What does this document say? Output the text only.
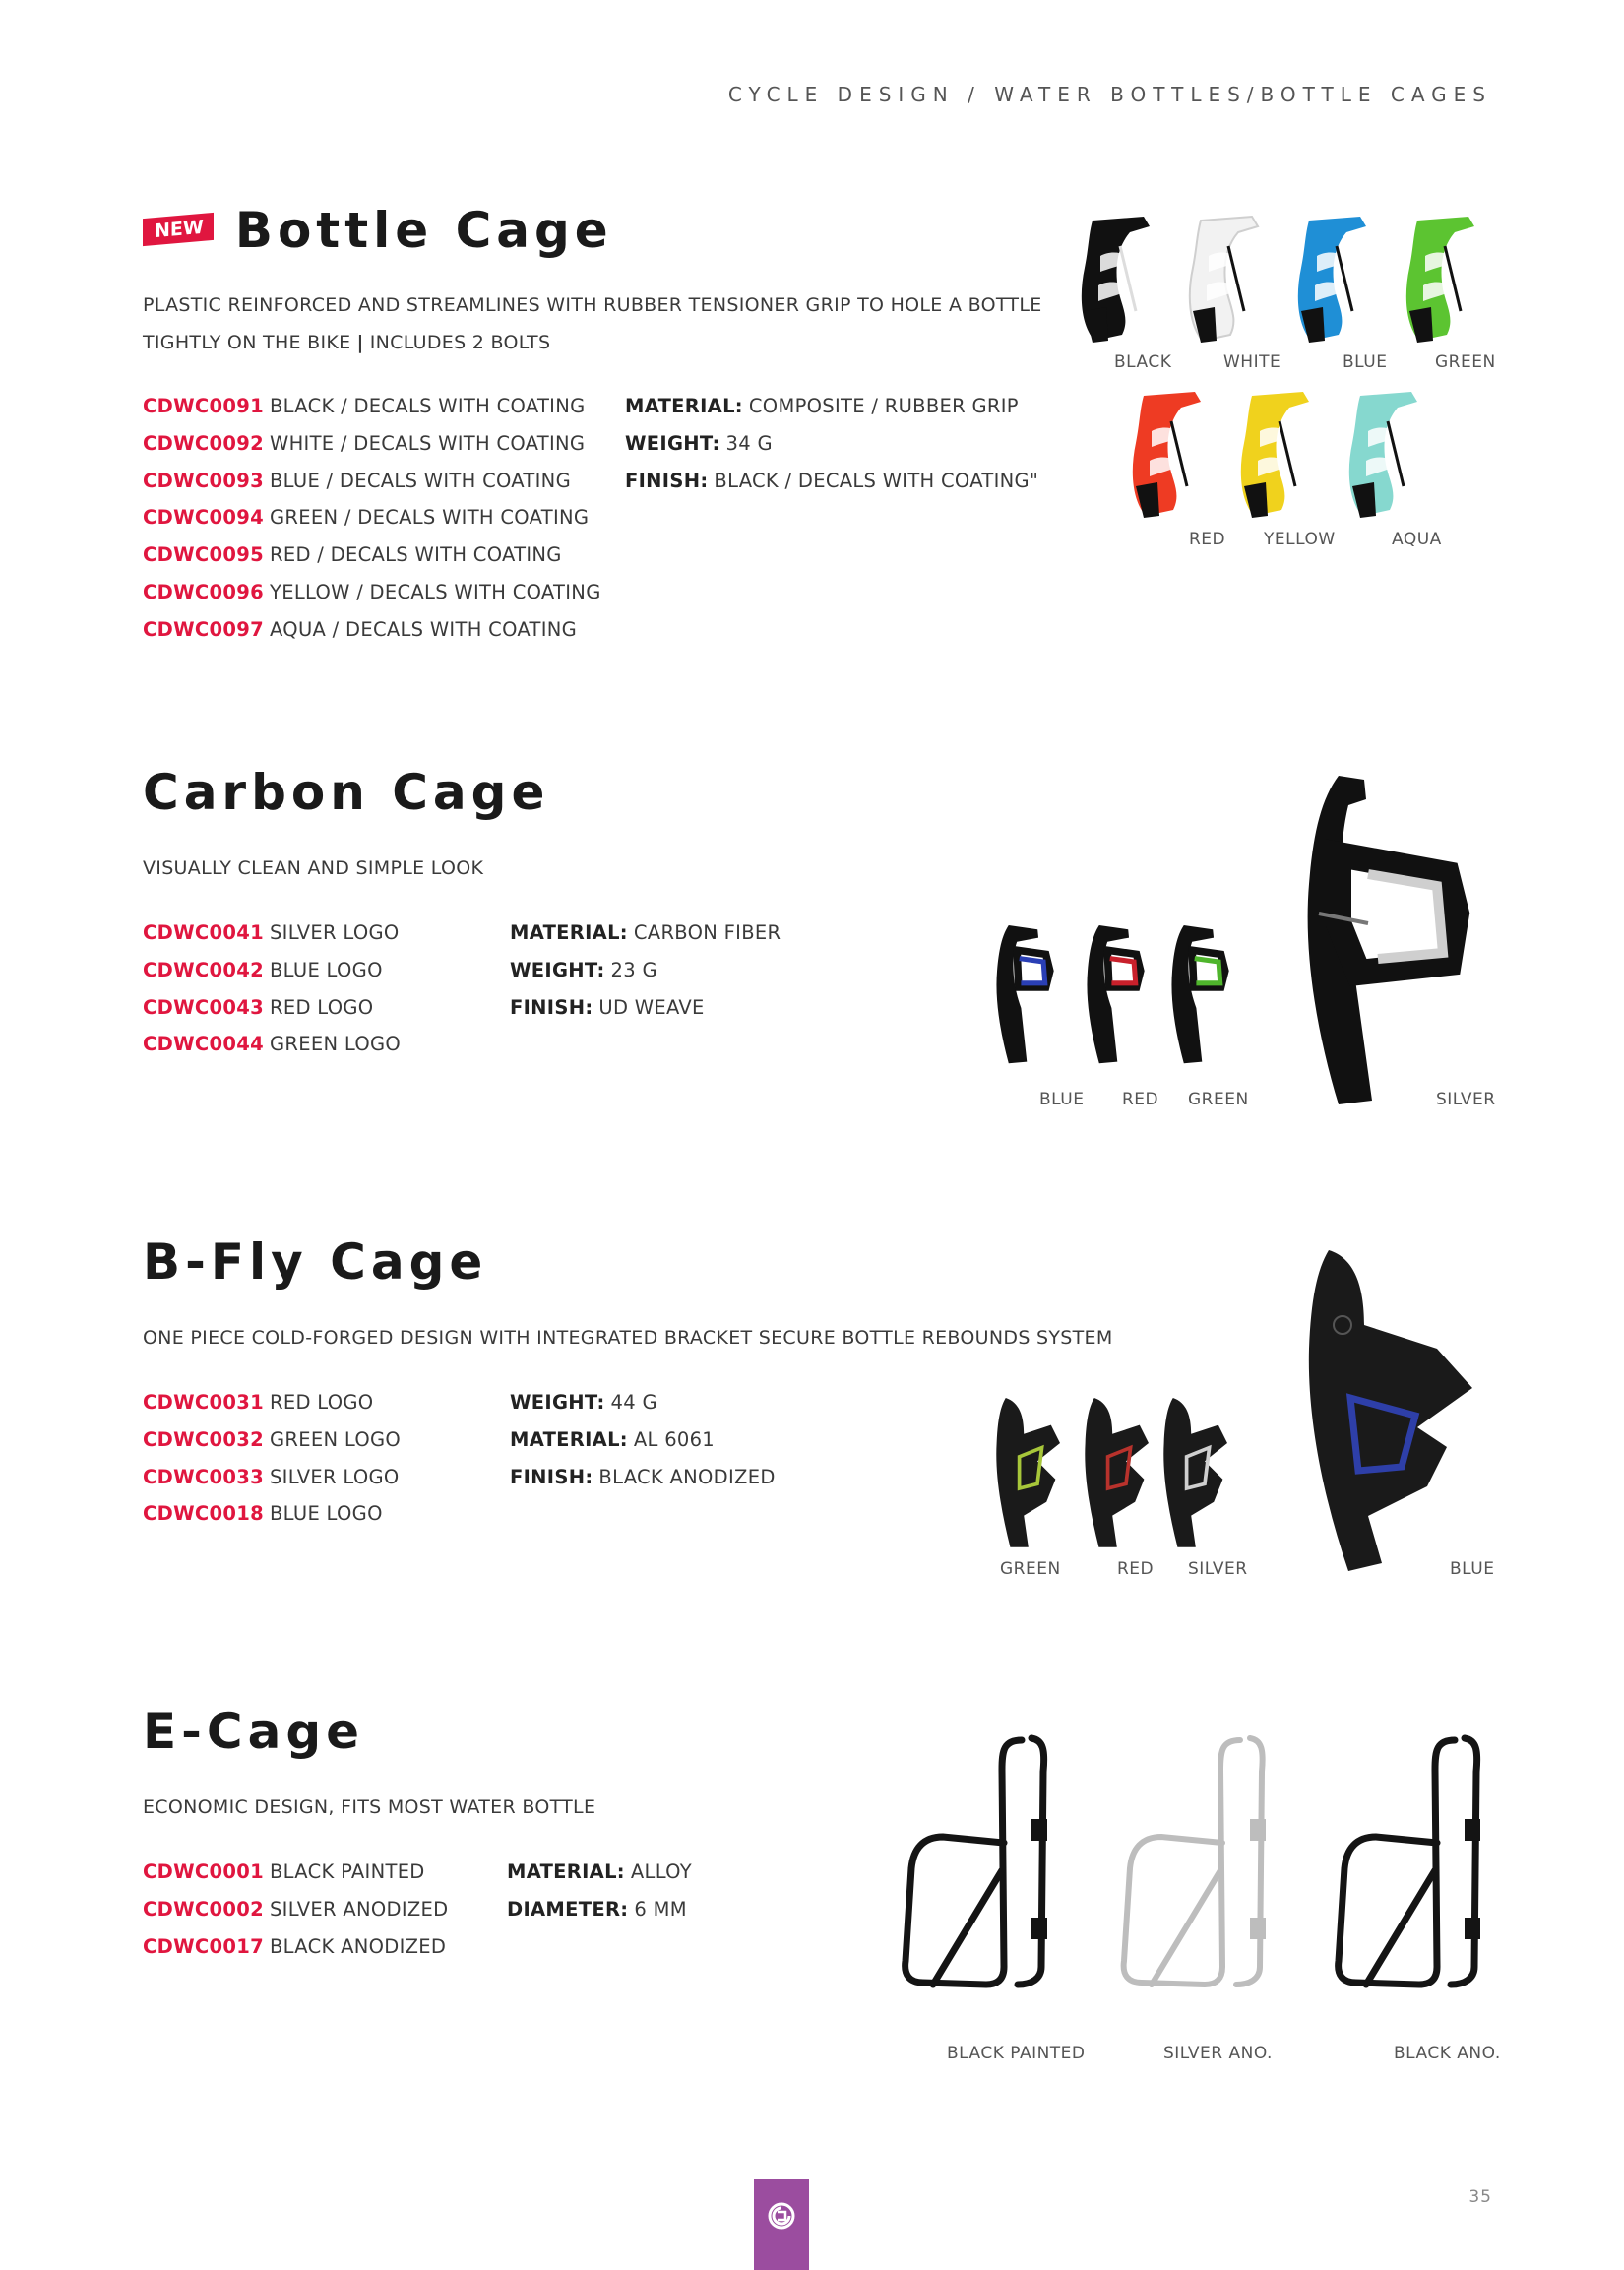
CYCLE DESIGN / WATER BOTTLES/BOTTLE CAGES
NEW Bottle Cage
PLASTIC REINFORCED AND STREAMLINES WITH RUBBER TENSIONER GRIP TO HOLE A BOTTLE
TIGHTLY ON THE BIKE | INCLUDES 2 BOLTS
CDWC0091 BLACK / DECALS WITH COATING
CDWC0092 WHITE / DECALS WITH COATING
CDWC0093 BLUE / DECALS WITH COATING
CDWC0094 GREEN / DECALS WITH COATING
CDWC0095 RED / DECALS WITH COATING
CDWC0096 YELLOW / DECALS WITH COATING
CDWC0097 AQUA / DECALS WITH COATING
MATERIAL: COMPOSITE / RUBBER GRIP
WEIGHT: 34 G
FINISH: BLACK / DECALS WITH COATING"
BLACK	WHITE	BLUE	GREEN
RED YELLOW	AQUA
Carbon Cage
VISUALLY CLEAN AND SIMPLE LOOK
CDWC0041 SILVER LOGO
CDWC0042 BLUE LOGO
CDWC0043 RED LOGO
CDWC0044 GREEN LOGO
MATERIAL: CARBON FIBER
WEIGHT: 23 G
FINISH: UD WEAVE
BLUE RED GREEN	SILVER
B-Fly Cage
ONE PIECE COLD-FORGED DESIGN WITH INTEGRATED BRACKET SECURE BOTTLE REBOUNDS SYSTEM
CDWC0031 RED LOGO
CDWC0032 GREEN LOGO
CDWC0033 SILVER LOGO
CDWC0018 BLUE LOGO
WEIGHT: 44 G
MATERIAL: AL 6061
FINISH: BLACK ANODIZED
GREEN	RED SILVER	BLUE
E-Cage
ECONOMIC DESIGN, FITS MOST WATER BOTTLE
CDWC0001 BLACK PAINTED
CDWC0002 SILVER ANODIZED
CDWC0017 BLACK ANODIZED
MATERIAL: ALLOY
DIAMETER: 6 MM
BLACK PAINTED	SILVER ANO.	BLACK ANO.
35
